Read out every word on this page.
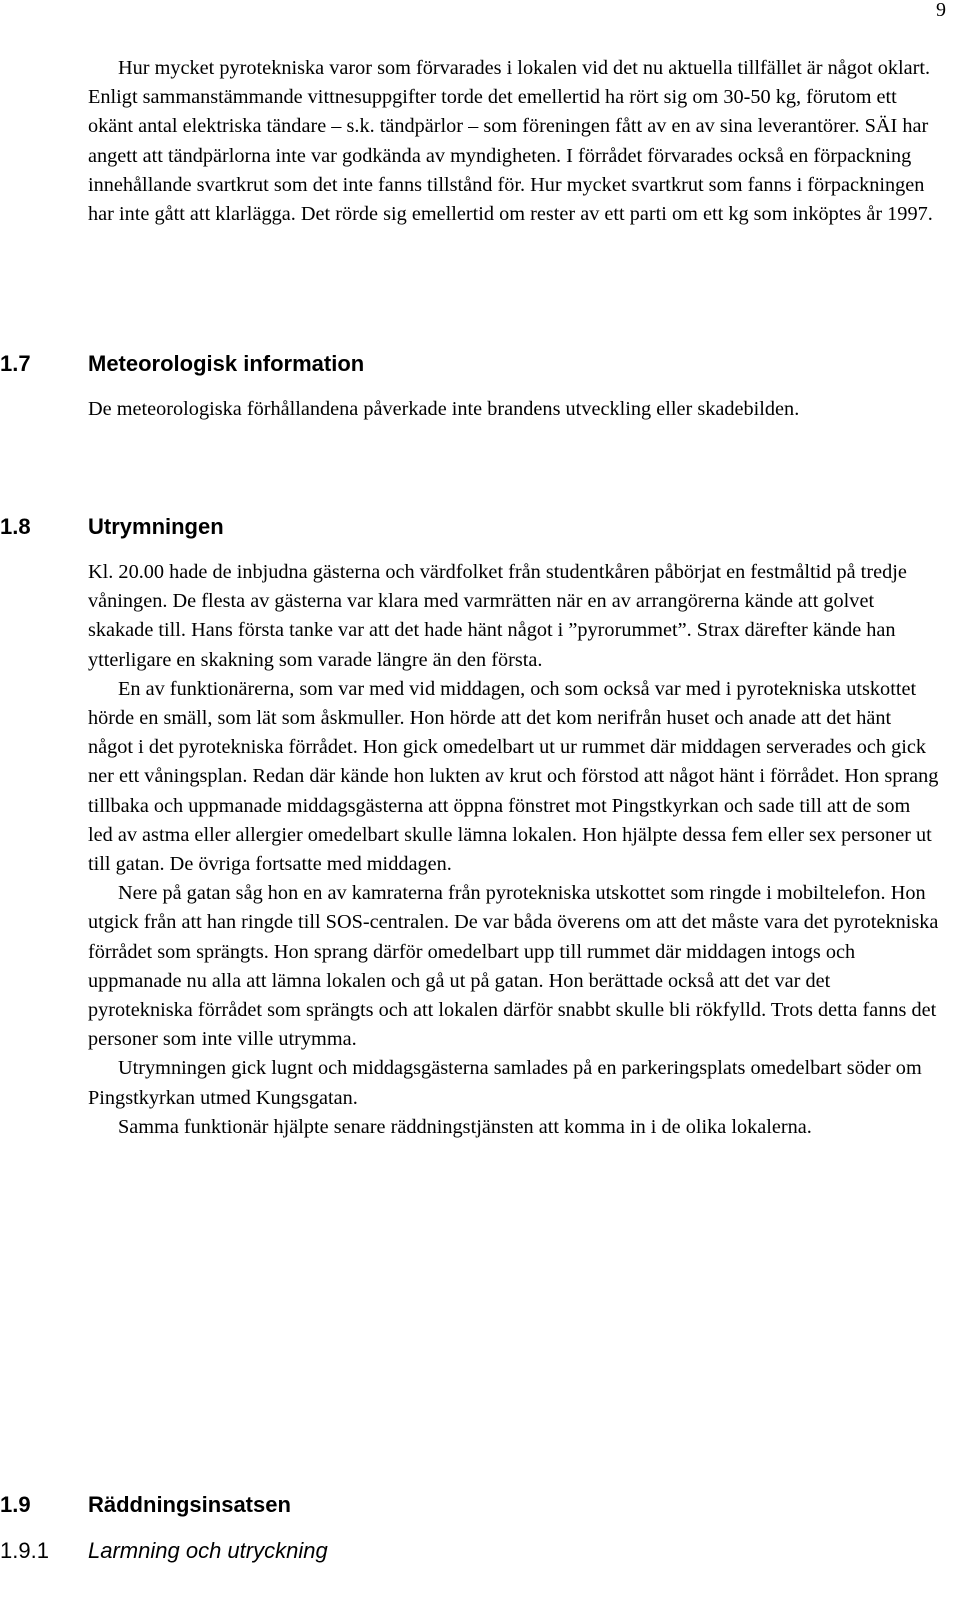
9

Hur mycket pyrotekniska varor som förvarades i lokalen vid det nu aktuella tillfället är något oklart. Enligt sammanstämmande vittnesuppgifter torde det emellertid ha rört sig om 30-50 kg, förutom ett okänt antal elektriska tändare – s.k. tändpärlor – som föreningen fått av en av sina leverantörer. SÄI har angett att tändpärlorna inte var godkända av myndigheten. I förrådet förvarades också en förpackning innehållande svartkrut som det inte fanns tillstånd för. Hur mycket svartkrut som fanns i förpackningen har inte gått att klarlägga. Det rörde sig emellertid om rester av ett parti om ett kg som inköptes år 1997.

1.7	Meteorologisk information

De meteorologiska förhållandena påverkade inte brandens utveckling eller skadebilden.

1.8	Utrymningen

Kl. 20.00 hade de inbjudna gästerna och värdfolket från studentkåren påbörjat en festmåltid på tredje våningen. De flesta av gästerna var klara med varmrätten när en av arrangörerna kände att golvet skakade till. Hans första tanke var att det hade hänt något i ”pyrorummet”. Strax därefter kände han ytterligare en skakning som varade längre än den första.

En av funktionärerna, som var med vid middagen, och som också var med i pyrotekniska utskottet hörde en smäll, som lät som åskmuller. Hon hörde att det kom nerifrån huset och anade att det hänt något i det pyrotekniska förrådet. Hon gick omedelbart ut ur rummet där middagen serverades och gick ner ett våningsplan. Redan där kände hon lukten av krut och förstod att något hänt i förrådet. Hon sprang tillbaka och uppmanade middagsgästerna att öppna fönstret mot Pingstkyrkan och sade till att de som led av astma eller allergier omedelbart skulle lämna lokalen. Hon hjälpte dessa fem eller sex personer ut till gatan. De övriga fortsatte med middagen.

Nere på gatan såg hon en av kamraterna från pyrotekniska utskottet som ringde i mobiltelefon. Hon utgick från att han ringde till SOS-centralen. De var båda överens om att det måste vara det pyrotekniska förrådet som sprängts. Hon sprang därför omedelbart upp till rummet där middagen intogs och uppmanade nu alla att lämna lokalen och gå ut på gatan. Hon berättade också att det var det pyrotekniska förrådet som sprängts och att lokalen därför snabbt skulle bli rökfylld. Trots detta fanns det personer som inte ville utrymma.

Utrymningen gick lugnt och middagsgästerna samlades på en parkeringsplats omedelbart söder om Pingstkyrkan utmed Kungsgatan.

Samma funktionär hjälpte senare räddningstjänsten att komma in i de olika lokalerna.

1.9	Räddningsinsatsen
1.9.1 Larmning och utryckning
